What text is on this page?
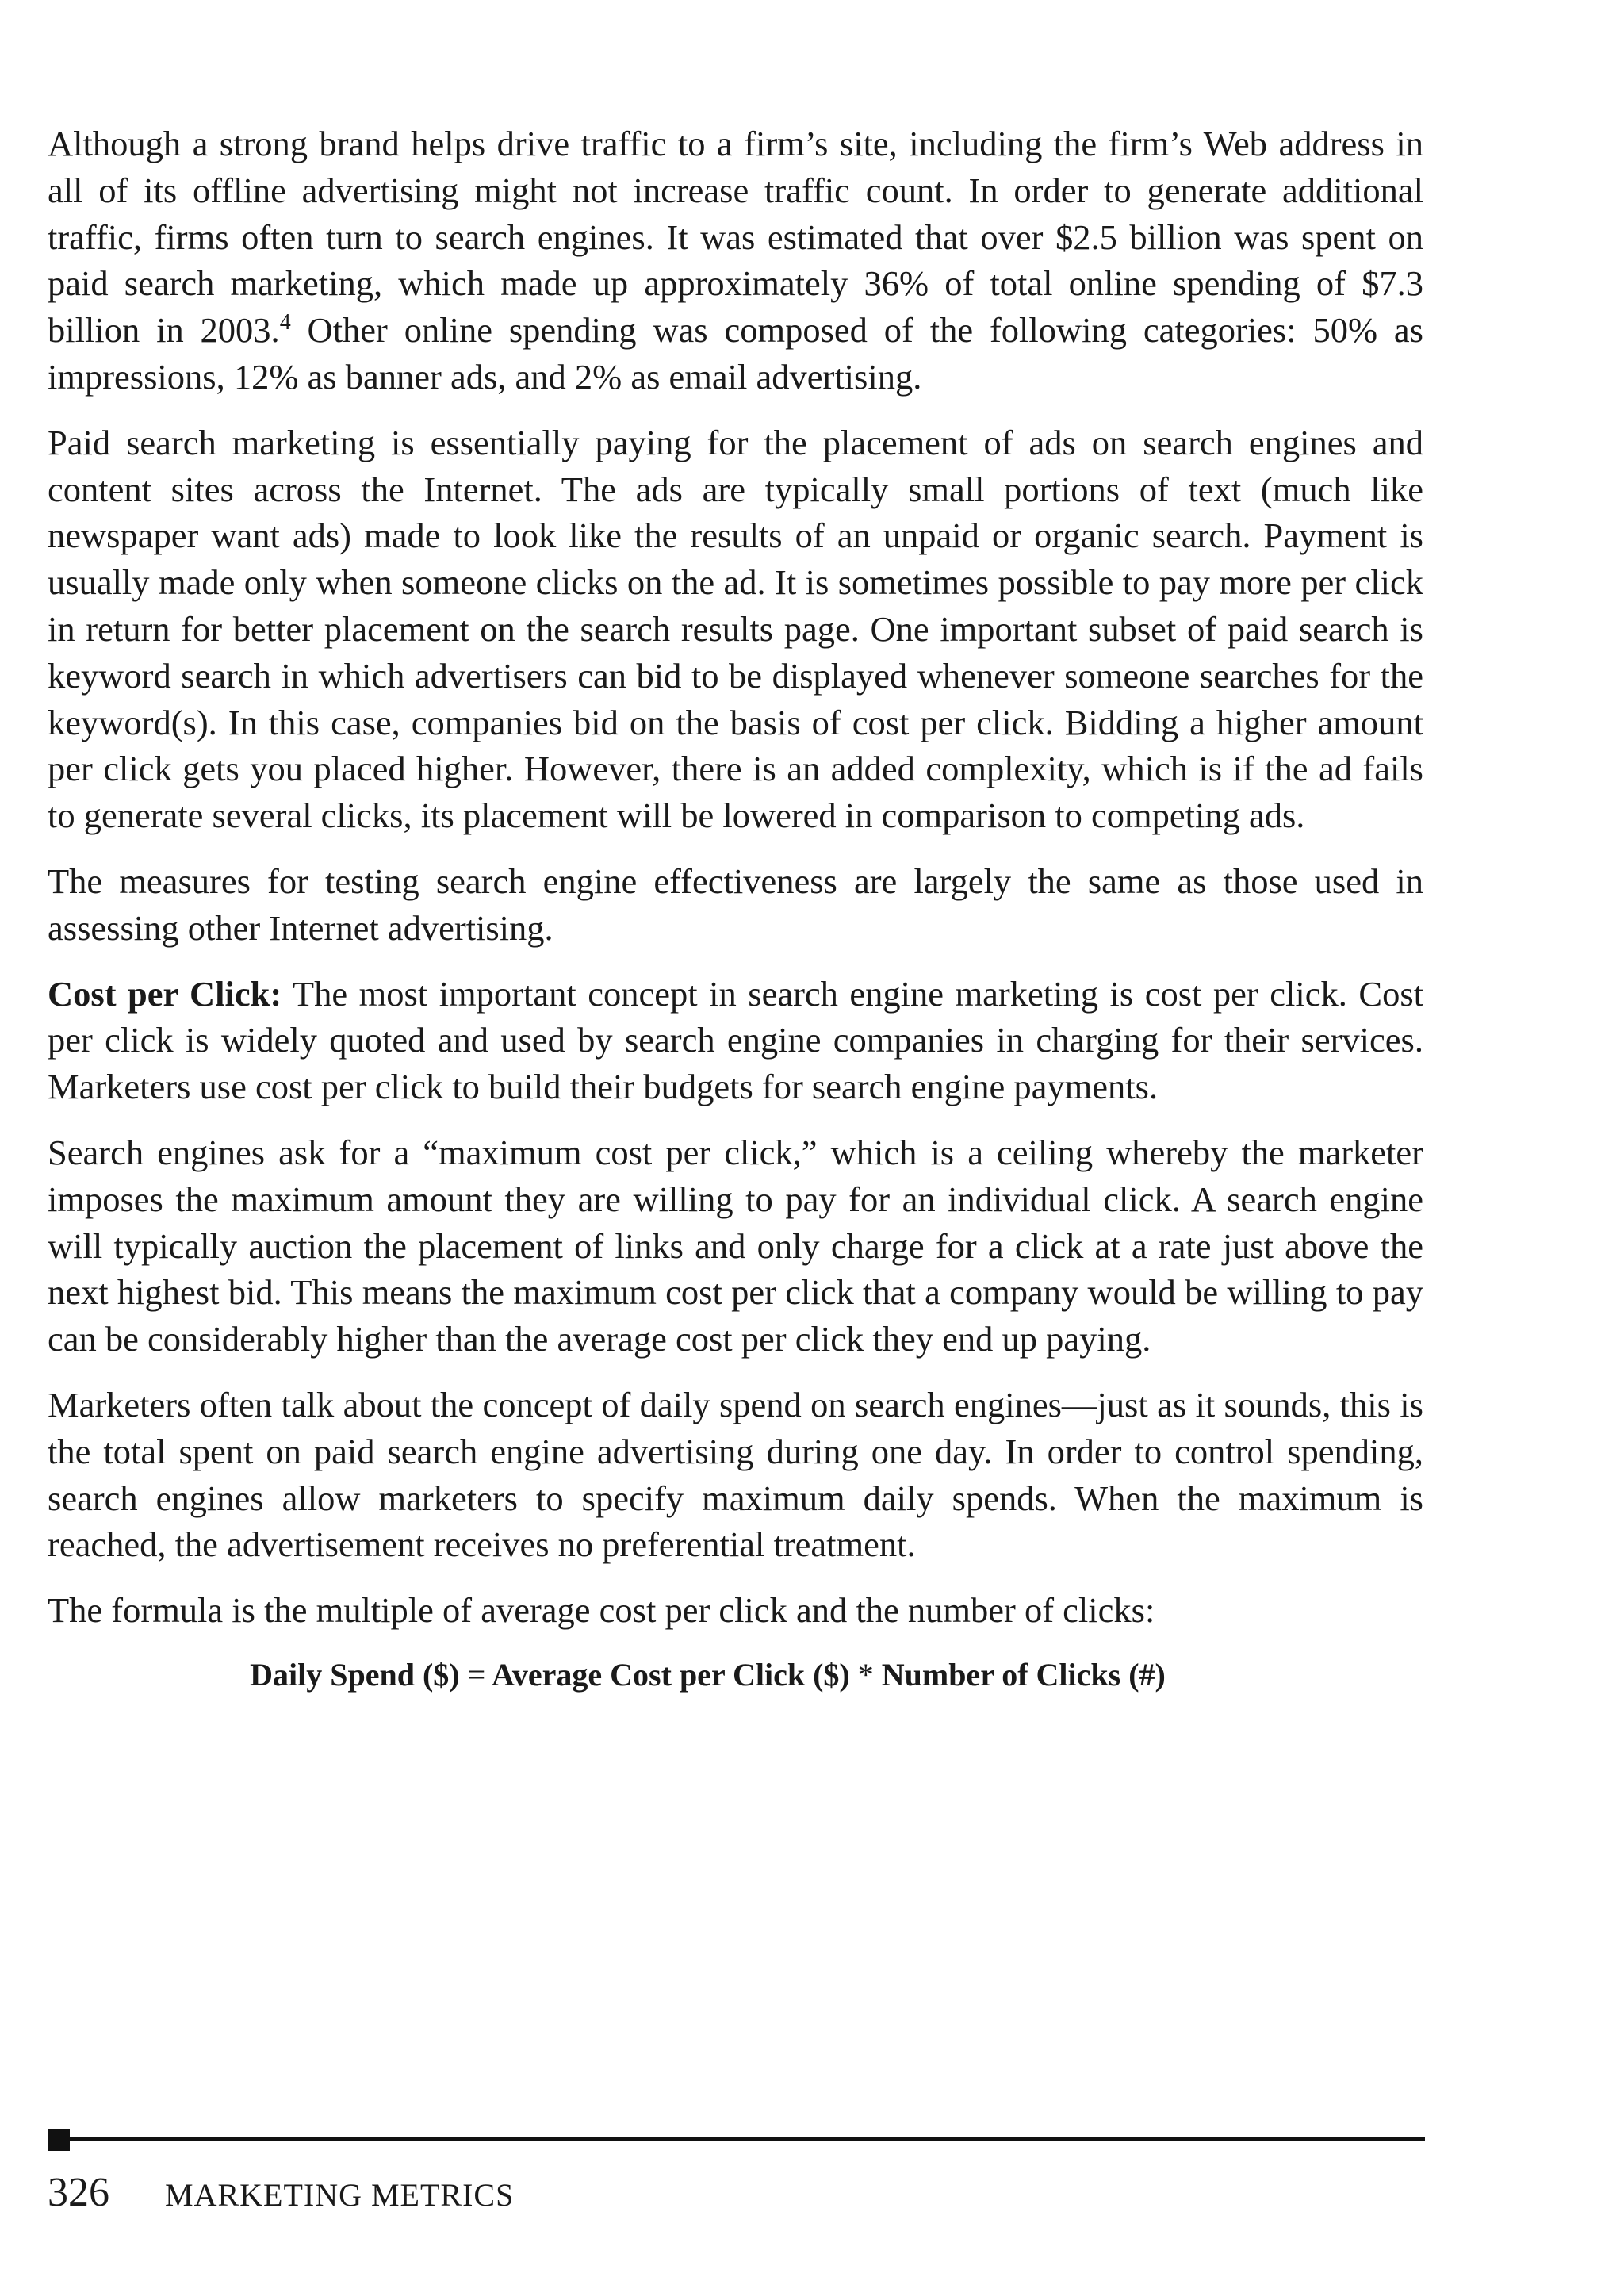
Although a strong brand helps drive traffic to a firm’s site, including the firm’s Web address in all of its offline advertising might not increase traffic count. In order to generate additional traffic, firms often turn to search engines. It was estimated that over $2.5 billion was spent on paid search marketing, which made up approximately 36% of total online spending of $7.3 billion in 2003.$^4$ Other online spending was composed of the following categories: 50% as impressions, 12% as banner ads, and 2% as email advertising.

Paid search marketing is essentially paying for the placement of ads on search engines and content sites across the Internet. The ads are typically small portions of text (much like newspaper want ads) made to look like the results of an unpaid or organic search. Payment is usually made only when someone clicks on the ad. It is sometimes possible to pay more per click in return for better placement on the search results page. One important subset of paid search is keyword search in which advertisers can bid to be displayed whenever someone searches for the keyword(s). In this case, companies bid on the basis of cost per click. Bidding a higher amount per click gets you placed higher. However, there is an added complexity, which is if the ad fails to generate several clicks, its placement will be lowered in comparison to competing ads.

The measures for testing search engine effectiveness are largely the same as those used in assessing other Internet advertising.

Cost per Click: The most important concept in search engine marketing is cost per click. Cost per click is widely quoted and used by search engine companies in charging for their services. Marketers use cost per click to build their budgets for search engine payments.

Search engines ask for a “maximum cost per click,” which is a ceiling whereby the marketer imposes the maximum amount they are willing to pay for an individual click. A search engine will typically auction the placement of links and only charge for a click at a rate just above the next highest bid. This means the maximum cost per click that a company would be willing to pay can be considerably higher than the average cost per click they end up paying.

Marketers often talk about the concept of daily spend on search engines—just as it sounds, this is the total spent on paid search engine advertising during one day. In order to control spending, search engines allow marketers to specify maximum daily spends. When the maximum is reached, the advertisement receives no preferential treatment.

The formula is the multiple of average cost per click and the number of clicks:

Daily Spend ($) = Average Cost per Click ($) * Number of Clicks (#)
326 MARKETING METRICS
